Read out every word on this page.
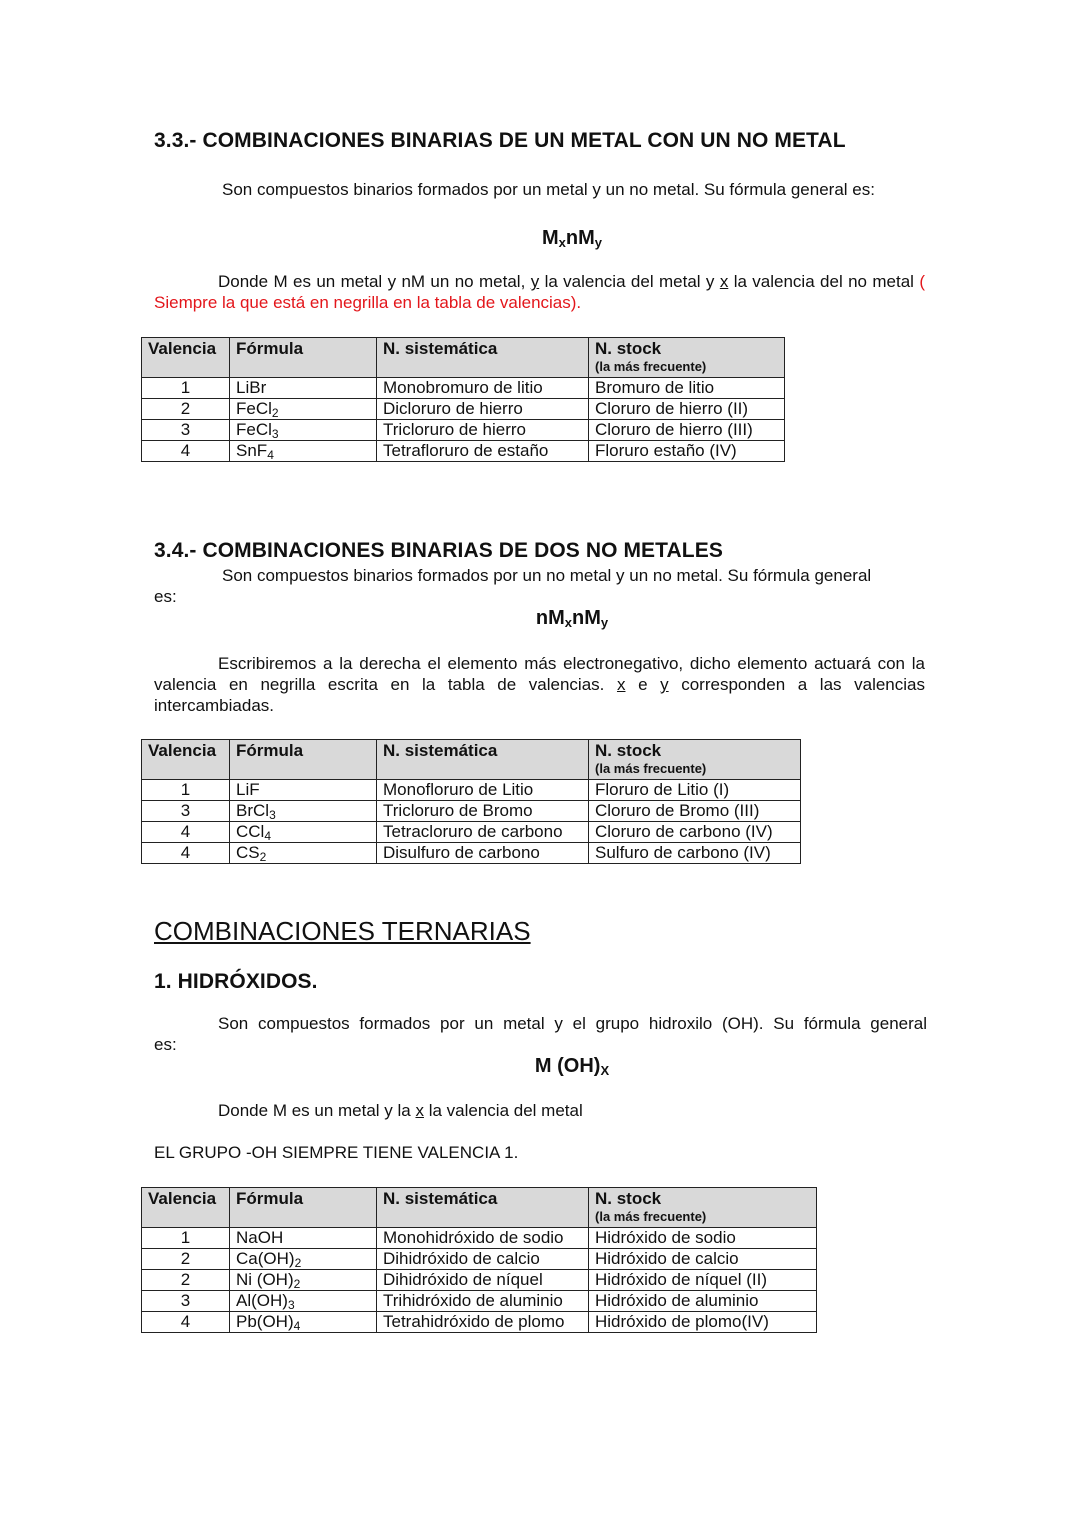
3.3.- COMBINACIONES BINARIAS DE UN METAL CON UN NO METAL
Son compuestos binarios formados por un metal y un no metal. Su fórmula general es:
$M_xnM_y$
Donde M es un metal y nM un no metal, y la valencia del metal y x la valencia del no metal ( Siempre la que está en negrilla en la tabla de valencias).
Valencia	Fórmula	N. sistemática	N. stock
(la más frecuente)

1	LiBr	Monobromuro de litio	Bromuro de litio
2	FeCl$_2$	Dicloruro de hierro	Cloruro de hierro (II)
3	FeCl$_3$	Tricloruro de hierro	Cloruro de hierro (III)
4	SnF$_4$	Tetrafloruro de estaño	Floruro estaño (IV)
3.4.- COMBINACIONES BINARIAS DE DOS NO METALES
Son compuestos binarios formados por un no metal y un no metal. Su fórmula general
es:
$nM_xnM_y$
Escribiremos a la derecha el elemento más electronegativo, dicho elemento actuará con la valencia en negrilla escrita en la tabla de valencias. x e y corresponden a las valencias intercambiadas.
Valencia	Fórmula	N. sistemática	N. stock
(la más frecuente)

1	LiF	Monofloruro de Litio	Floruro de Litio (I)
3	BrCl$_3$	Tricloruro de Bromo	Cloruro de Bromo (III)
4	CCl$_4$	Tetracloruro de carbono	Cloruro de carbono (IV)
4	$CS_2$	Disulfuro de carbono	Sulfuro de carbono (IV)
COMBINACIONES TERNARIAS
1. HIDRÓXIDOS.
Son compuestos formados por un metal y el grupo hidroxilo (OH). Su fórmula general
es:
M $(OH)_X$
Donde M es un metal y la x la valencia del metal
EL GRUPO -OH SIEMPRE TIENE VALENCIA 1.
Valencia	Fórmula	N. sistemática	N. stock
(la más frecuente)

1	NaOH	Monohidróxido de sodio	Hidróxido de sodio
2	$Ca(OH)_2$	Dihidróxido de calcio	Hidróxido de calcio
2	Ni $(OH)_2$	Dihidróxido de níquel	Hidróxido de níquel (II)
3	$Al(OH)_3$	Trihidróxido de aluminio	Hidróxido de aluminio
4	$Pb(OH)_4$	Tetrahidróxido de plomo	Hidróxido de plomo(IV)
